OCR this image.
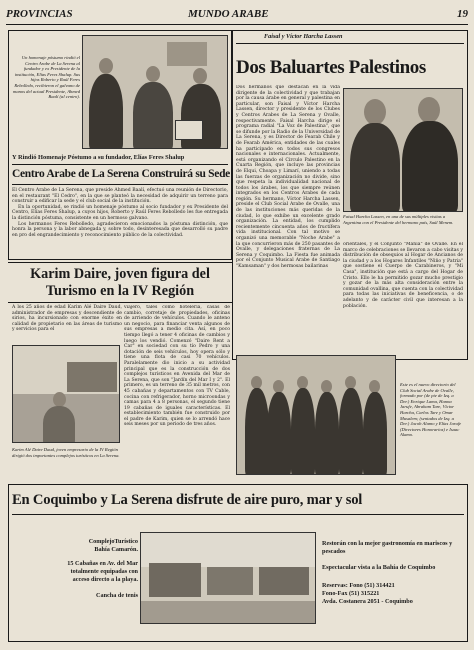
PROVINCIAS	MUNDO ARABE	19
Un homenaje póstumo rindió el Centro Arabe de La Serena al fundador y ex Presidente de la institución, Elías Feres Shalup. Sus hijos Roberto y Raúl Feres Rebolledo, recibieron el galvano de manos del actual Presidente, Ahmed Baalí (al centro).
Y Rindió Homenaje Póstumo a su fundador, Elías Feres Shalup
Centro Arabe de La Serena Construirá su Sede
El Centro Arabe de La Serena, que preside Ahmed Baalí, efectuó una reunión de Directorio, en el restaurant "El Cedro", en la que se planteó la necesidad de adquirir un terreno para construir a edificar la sede y el club social de la institución.
En la oportunidad, se rindió un homenaje póstumo al socio fundador y ex Presidente del Centro, Elías Feres Shalup, a cuyos hijos, Roberto y Raúl Feres Rebolledo les fue entregada la distinción póstuma, consistente en un hermoso galvano.
Los hermanos Feres Rebolledo, agradecieron emocionados la póstuma distinción, que honra la persona y la labor abnegada y, sobre todo, desinteresada que desarrolló su padre en pro del engrandecimiento y reconocimiento público de la colectividad.
Faisal y Víctor Harcha Lassen
Dos Baluartes Palestinos
Dos hermanos que destacan en la vida dirigente de la colectividad y que trabajan por la causa árabe en general y palestina en particular, son Faisal y Víctor Harcha Lassen, director y presidente de los Clubes y Centros Arabes de La Serena y Ovalle, respectivamente. Faisal Harcha dirige el programa radial "La Voz de Palestina", que se difunde por la Radio de la Universidad de La Serena, y es Director de Fearab Chile y de Fearab América, entidades de las cuales ha participado en todos sus congresos nacionales e internacionales. Actualmente, está organizando el Circulo Palestino en la Cuarta Región, que incluye las provincias de Elqui, Choapa y Limarí, uniendo a todas las fuerzas de organización no divide, sino que respeta la individualidad nacional de todos los árabes, los que siempre reúnen integrados en los Centros Arabes de cada región. Su hermano, Víctor Harcha Lassen, preside el Club Social Arabe de Ovalle, una de las instituciones más queridas de la ciudad, lo que exhibe un excelente grado organización. La entidad, los cumplido recientemente cincuenta años de fructífera vida institucional. Con tal motivo se organizó una memorable "Noche Arabe" a la que concurrieron más de 250 pasantes de Ovalle, y delegaciones fraternas de La Serena y Coquimbo. La Fiesta fue animada por el Conjunto Musical Arabe de Santiago "Kamsaman" y dos hermosas bailarinas
Faisal Harcha Lassen, en una de sus múltiples visitas a Argentina con el Presidente del hermano país, Saúl Menem.
orientales, y el Conjunto "Manía" de Ovalle. En el marco de celebraciones se llevaron a cabo visitas y distribución de obsequios al Hogar de Ancianos de la ciudad y a los Hogares Infantiles "Niño y Patria" que sostiene el Cuerpo de Carabineros, y "Mi Casa", institución que está a cargo del Hogar de Cristo. Ello le ha permitido gozar mucho prestigio y gozar de la más alta consideración entre la comunidad ovallina, que cuenta con la colectividad para todas las iniciativas de beneficencia, o de adelanto y de carácter civil que interesan a la población.
Este es el nuevo directorio del Club Social Arabe de Ovalle, formado por (de pie de Izq. a Der.) Enrique Lama, Hanna Jarufe, Abraham Tare, Víctor Harcha, Carlos Tare y Omar Musalem; (sentados de Izq. a Der.) Jacob Alamo y Elías Jarufe (Directores Honorarios) e Isaac Alamo.
Karim Daire, joven figura del Turismo en la IV Región
A los 25 años de edad Karim Alé Daire Daud, administrador de empresas y descendiente de sirios, ha incursionado con enorme éxito en calidad de propietario en las áreas de turismo y servicios para el
viajero, tales como hotelería, casas de cambio, corretaje de propiedades, oficinas de arriendo de vehículos. Cuando le anteno un negocio, para financiar venta algunos de sus empresas a medio cita. Así, en poco tiempo llegó a tener 4 oficinas de cambios y luego los vendió. Comenzó "Daire Rent a Car" en sociedad con su tío Pedro y una dotación de seis vehículos, hoy opera sólo y tiene una flota de casi 70 vehículos. Paralelamente dio inicio a su actividad principal que es la construcción de dos complejos turísticos en Avenida del Mar de La Serena, que son "Jardín del Mar I y 2". El primero, es un terreno de 35 mil metros, con 45 cabañas y departamentos con TV Cable, cocina con refrigerador, horno microondas y camas para 4 a 8 personas, el segundo tiene 19 cabañas de iguales características. El establecimiento también fue construido por el padre de Karim, quien se lo arrendó hace seis meses por un periodo de tres años.
Karim Alé Daire Daud, joven empresario de la IV Región dirigió dos importantes complejos turísticos en La Serena.
En Coquimbo y La Serena disfrute de aire puro, mar y sol
ComplejoTurístico
Bahía Camarón.
15 Cabañas en Av. del Mar totalmente equipadas con acceso directo a la playa.
Cancha de tenis
Restorán con la mejor gastronomía en mariscos y pescados
Espectacular vista a la Bahía de Coquimbo
Reservas: Fono (51) 314421
Fono-Fax (51) 315221
Avda. Costanera 2051 - Coquimbo
